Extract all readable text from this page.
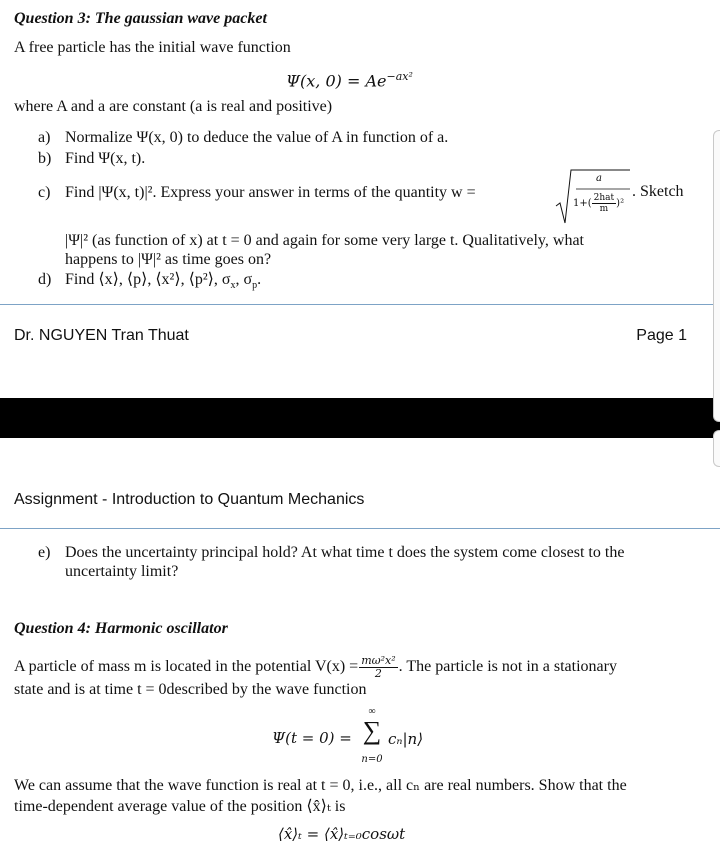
Question 3: The gaussian wave packet
A free particle has the initial wave function
Ψ(x, $0) = Ae^{-ax^2}$
where A and a are constant (a is real and positive)
a) Normalize Ψ(x, 0) to deduce the value of A in function of a.
b) Find Ψ(x, t).
c) Find |Ψ(x, t)|². Express your answer in terms of the quantity w =
a
$1+( \frac{\text{2hat}}{m} )^2$
. Sketch
|Ψ|² (as function of x) at t = 0 and again for some very large t. Qualitatively, what
happens to |Ψ|² as time goes on?
d) Find ⟨x⟩, ⟨p⟩, ⟨x²⟩, ⟨p²⟩, $\sigma_x$, $\sigma_p$.
Dr. NGUYEN Tran Thuat	Page 1
Assignment - Introduction to Quantum Mechanics
e) Does the uncertainty principal hold? At what time t does the system come closest to the
uncertainty limit?
Question 4: Harmonic oscillator
A particle of mass m is located in the potential $V(x) = \frac{\text{mω²x²}}{2}$ . The particle is not in a stationary
state and is at time t = 0described by the wave function
Ψ(t = 0) =
∞
∑
n=0
cₙ|n⟩
We can assume that the wave function is real at t = 0, i.e., all cₙ are real numbers. Show that the
time-dependent average value of the position ⟨x̂⟩ₜ is
⟨x̂⟩ₜ = ⟨x̂⟩ₜ₌₀cosωt
